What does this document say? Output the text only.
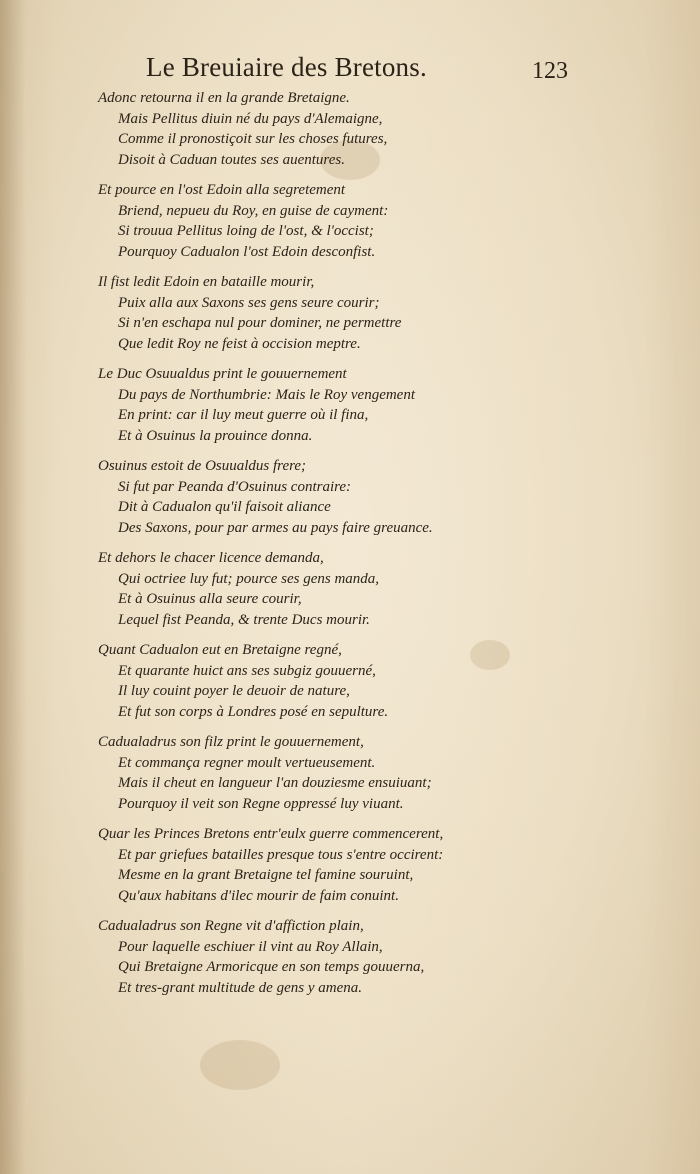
Le Breuiaire des Bretons.	123
Adonc retourna il en la grande Bretaigne.
Mais Pellitus diuin né du pays d'Alemaigne,
Comme il pronostiçoit sur les choses futures,
Disoit à Caduan toutes ses auentures.
Et pource en l'ost Edoin alla segretement
Briend, nepueu du Roy, en guise de cayment:
Si trouua Pellitus loing de l'ost, & l'occist;
Pourquoy Cadualon l'ost Edoin desconfist.
Il fist ledit Edoin en bataille mourir,
Puix alla aux Saxons ses gens seure courir;
Si n'en eschapa nul pour dominer, ne permettre
Que ledit Roy ne feist à occision meptre.
Le Duc Osuualdus print le gouuernement
Du pays de Northumbrie: Mais le Roy vengement
En print: car il luy meut guerre où il fina,
Et à Osuinus la prouince donna.
Osuinus estoit de Osuualdus frere;
Si fut par Peanda d'Osuinus contraire:
Dit à Cadualon qu'il faisoit aliance
Des Saxons, pour par armes au pays faire greuance.
Et dehors le chacer licence demanda,
Qui octriee luy fut; pource ses gens manda,
Et à Osuinus alla seure courir,
Lequel fist Peanda, & trente Ducs mourir.
Quant Cadualon eut en Bretaigne regné,
Et quarante huict ans ses subgiz gouuerné,
Il luy couint poyer le deuoir de nature,
Et fut son corps à Londres posé en sepulture.
Cadualadrus son filz print le gouuernement,
Et commança regner moult vertueusement.
Mais il cheut en langueur l'an douziesme ensuiuant;
Pourquoy il veit son Regne oppressé luy viuant.
Quar les Princes Bretons entr'eulx guerre commencerent,
Et par griefues batailles presque tous s'entre occirent:
Mesme en la grant Bretaigne tel famine souruint,
Qu'aux habitans d'ilec mourir de faim conuint.
Cadualadrus son Regne vit d'affiction plain,
Pour laquelle eschiuer il vint au Roy Allain,
Qui Bretaigne Armoricque en son temps gouuerna,
Et tres-grant multitude de gens y amena.
